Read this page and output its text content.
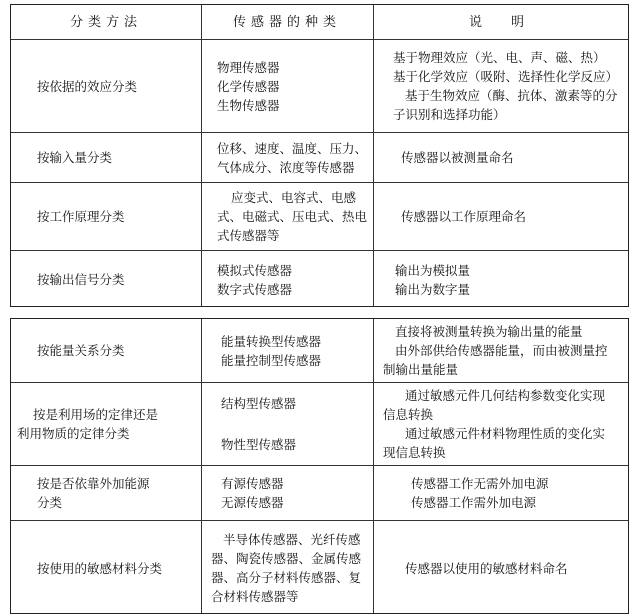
分类方法	传感器的种类	说　明
按依据的效应分类
物理传感器
化学传感器
生物传感器
基于物理效应（光、电、声、磁、热）
基于化学效应（吸附、选择性化学反应）
基于生物效应（酶、抗体、激素等的分
子识别和选择功能）
按输入量分类
位移、速度、温度、压力、
气体成分、浓度等传感器
传感器以被测量命名
按工作原理分类
应变式、电容式、电感
式、电磁式、压电式、热电
式传感器等
传感器以工作原理命名
按输出信号分类
模拟式传感器
数字式传感器
输出为模拟量
输出为数字量
按能量关系分类
能量转换型传感器
能量控制型传感器
直接将被测量转换为输出量的能量
由外部供给传感器能量，而由被测量控
制输出量能量
按是利用场的定律还是
利用物质的定律分类
结构型传感器
物性型传感器
通过敏感元件几何结构参数变化实现
信息转换
通过敏感元件材料物理性质的变化实
现信息转换
按是否依靠外加能源
分类
有源传感器
无源传感器
传感器工作无需外加电源
传感器工作需外加电源
按使用的敏感材料分类
半导体传感器、光纤传感
器、陶瓷传感器、金属传感
器、高分子材料传感器、复
合材料传感器等
传感器以使用的敏感材料命名
